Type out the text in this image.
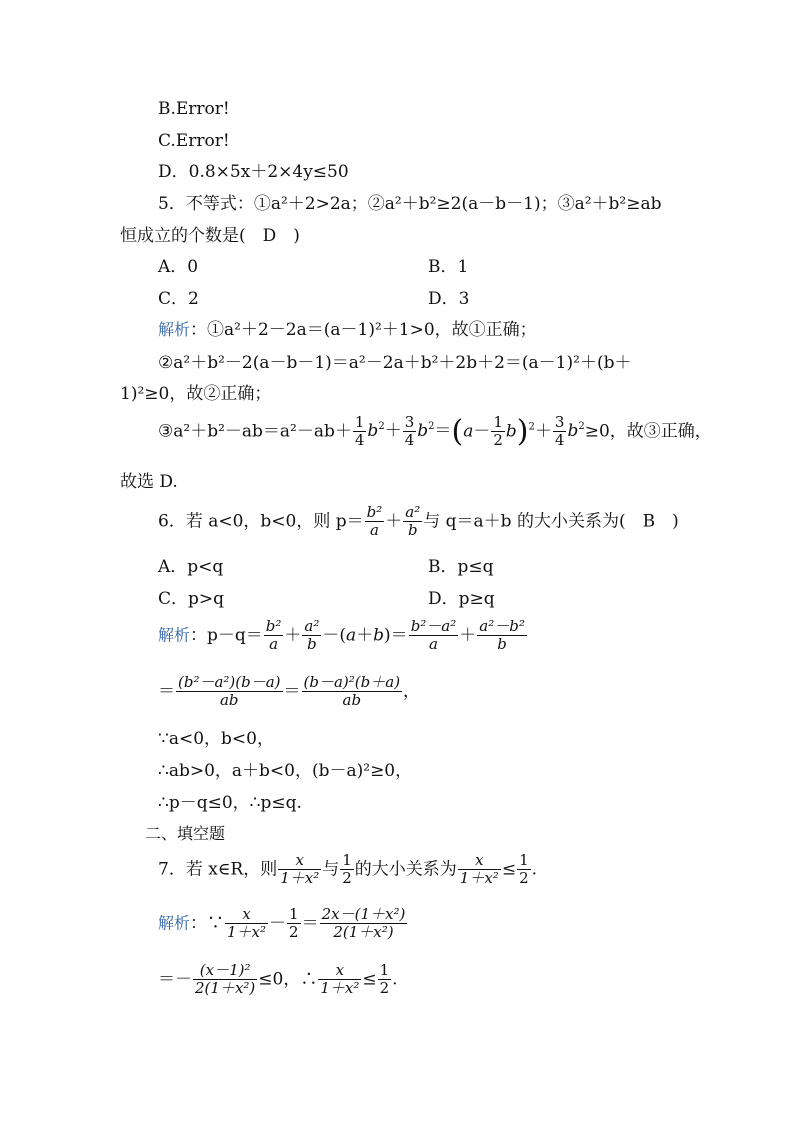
B.Error!
C.Error!
D．0.8×5x＋2×4y≤50
5．不等式：①a²＋2>2a；②a²＋b²≥2(a－b－1)；③a²＋b²≥ab
恒成立的个数是(　D　)
A．0	B．1
C．2	D．3
解析：①a²＋2－2a＝(a－1)²＋1>0，故①正确；
②a²＋b²－2(a－b－1)＝a²－2a＋b²＋2b＋2＝(a－1)²＋(b＋
1)²≥0，故②正确；
③a²＋b²－ab＝a²－ab＋ $\frac{1}{4} b^2+ \frac{3}{4} b^2=(a- \frac{1}{2} b)^2+ \frac{3}{4} b^2\ge 0$，故③正确，
故选 D.
6．若 a<0，b<0，则 $p= \frac{\text{b²}}{a} + \frac{\text{a²}}{b}$ 与 q＝a＋b 的大小关系为(　B　)
A．p<q	B．p≤q
C．p>q	D．p≥q
解析：$p-q= \frac{\text{b²}}{a} + \frac{\text{a²}}{b} -(a+b)= \frac{\text{b²－a²}}{a} + \frac{\text{a²－b²}}{b}$
＝ $\frac{\text{(b²－a²)(b－a)}}{ab} = \frac{\text{(b－a)²(b＋a)}}{ab}$ ，
∵a<0，b<0，
∴ab>0，a＋b<0，(b－a)²≥0，
∴p－q≤0，∴p≤q.
二、填空题
7．若 x∈R，则 $\frac{x}{\text{1＋x²}}$ 与 $\frac{1}{2}$ 的大小关系为 $\frac{x}{\text{1＋x²}} \le \frac{1}{2}$ .
解析：∵ $\frac{x}{\text{1＋x²}} - \frac{1}{2} = \frac{\text{2x－(1＋x²)}}{\text{2(1＋x²)}}$
＝－ $\frac{\text{(x－1)²}}{\text{2(1＋x²)}} \le 0$，∴ $\frac{x}{\text{1＋x²}} \le \frac{1}{2}$ .
